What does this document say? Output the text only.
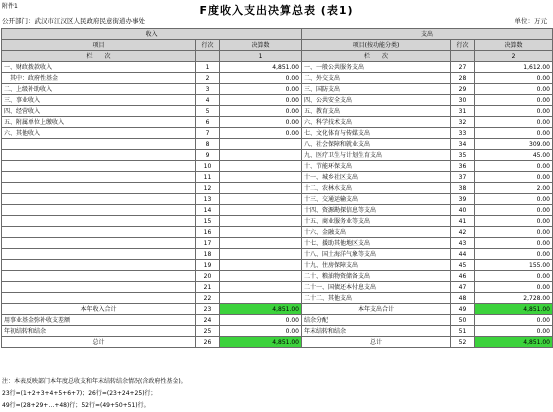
附件1	F度收入支出决算总表 (表1)
公开部门：武汉市江汉区人民政府民意街道办事处	单位：万元
收入			支出		
项目	行次	决算数	项目(按功能分类)	行次	决算数
栏　　次		1	栏　　次		2
一、财政拨款收入	1	4,851.00	一、一般公共服务支出	27	1,612.00
　其中：政府性基金	2	0.00	二、外交支出	28	0.00
二、上级补助收入	3	0.00	三、国防支出	29	0.00
三、事业收入	4	0.00	四、公共安全支出	30	0.00
四、经营收入	5	0.00	五、教育支出	31	0.00
五、附属单位上缴收入	6	0.00	六、科学技术支出	32	0.00
六、其他收入	7	0.00	七、文化体育与传媒支出	33	0.00
	8		八、社会保障和就业支出	34	309.00
	9		九、医疗卫生与计划生育支出	35	45.00
	10		十、节能环保支出	36	0.00
	11		十一、城乡社区支出	37	0.00
	12		十二、农林水支出	38	2.00
	13		十三、交通运输支出	39	0.00
	14		十四、资源勘探信息等支出	40	0.00
	15		十五、商业服务业等支出	41	0.00
	16		十六、金融支出	42	0.00
	17		十七、援助其他地区支出	43	0.00
	18		十八、国土海洋气象等支出	44	0.00
	19		十九、住房保障支出	45	155.00
	20		二十、粮油物资储备支出	46	0.00
	21		二十一、国债还本付息支出	47	0.00
	22		二十二、其他支出	48	2,728.00
本年收入合计	23	4,851.00	本年支出合计	49	4,851.00
用事业基金弥补收支差额	24	0.00	结余分配	50	0.00
年初结转和结余	25	0.00	年末结转和结余	51	0.00
总计	26	4,851.00	总计	52	4,851.00
注：本表反映部门本年度总收支和年末结转结余情况(含政府性基金)。
23行=(1+2+3+4+5+6+7)；26行=(23+24+25)行；
49行=(28+29+…+48)行；52行=(49+50+51)行。
